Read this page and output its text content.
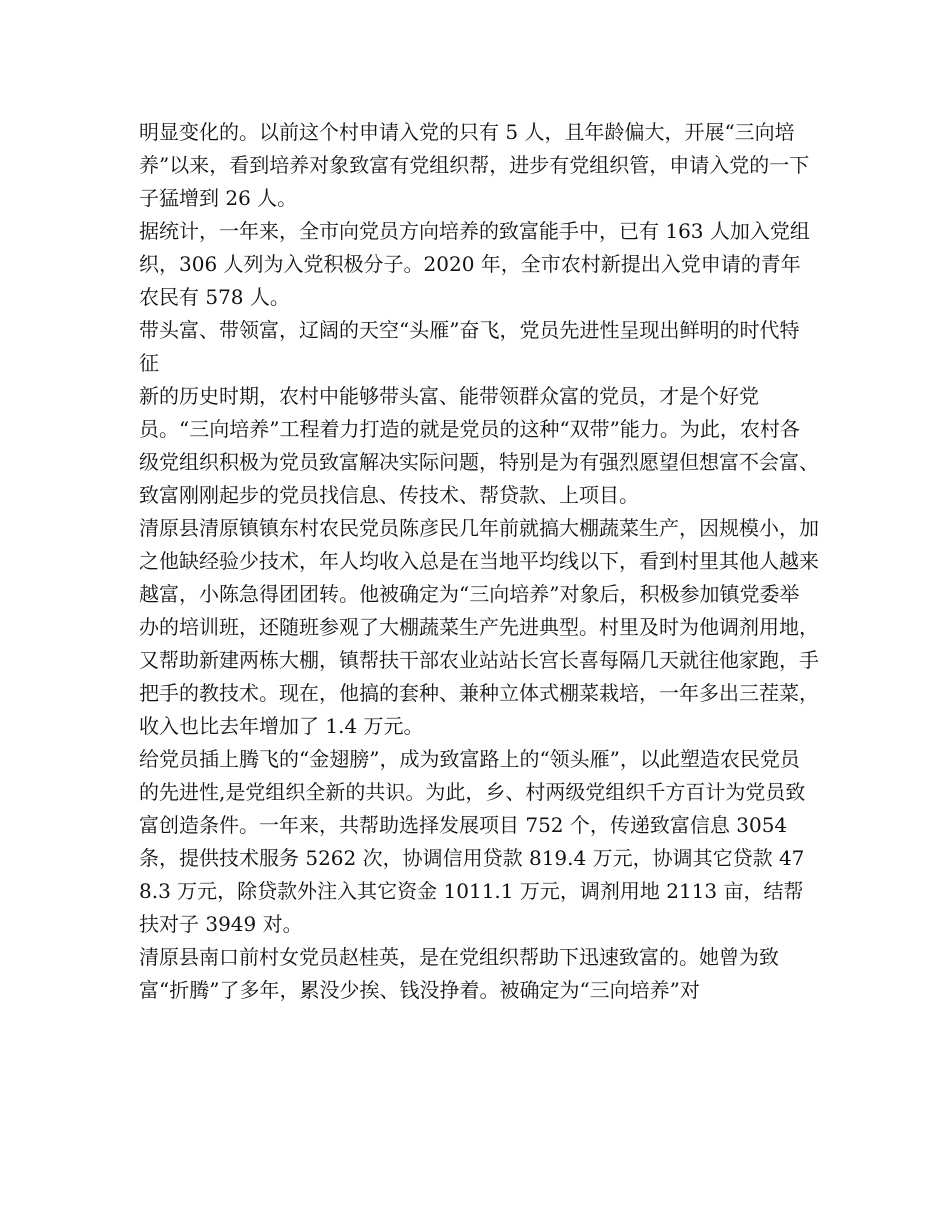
明显变化的。以前这个村申请入党的只有 5 人，且年龄偏大，开展“三向培养”以来，看到培养对象致富有党组织帮，进步有党组织管，申请入党的一下子猛增到 26 人。

据统计，一年来，全市向党员方向培养的致富能手中，已有 163 人加入党组织，306 人列为入党积极分子。2020 年，全市农村新提出入党申请的青年农民有 578 人。

带头富、带领富，辽阔的天空“头雁”奋飞，党员先进性呈现出鲜明的时代特征

新的历史时期，农村中能够带头富、能带领群众富的党员，才是个好党员。“三向培养”工程着力打造的就是党员的这种“双带”能力。为此，农村各级党组织积极为党员致富解决实际问题，特别是为有强烈愿望但想富不会富、致富刚刚起步的党员找信息、传技术、帮贷款、上项目。

清原县清原镇镇东村农民党员陈彦民几年前就搞大棚蔬菜生产，因规模小，加之他缺经验少技术，年人均收入总是在当地平均线以下，看到村里其他人越来越富，小陈急得团团转。他被确定为“三向培养”对象后，积极参加镇党委举办的培训班，还随班参观了大棚蔬菜生产先进典型。村里及时为他调剂用地，又帮助新建两栋大棚，镇帮扶干部农业站站长宫长喜每隔几天就往他家跑，手把手的教技术。现在，他搞的套种、兼种立体式棚菜栽培，一年多出三茬菜，收入也比去年增加了 1.4 万元。

给党员插上腾飞的“金翅膀”，成为致富路上的“领头雁”，以此塑造农民党员的先进性,是党组织全新的共识。为此，乡、村两级党组织千方百计为党员致富创造条件。一年来，共帮助选择发展项目 752 个，传递致富信息 3054 条，提供技术服务 5262 次，协调信用贷款 819.4 万元，协调其它贷款 478.3 万元，除贷款外注入其它资金 1011.1 万元，调剂用地 2113 亩，结帮扶对子 3949 对。

清原县南口前村女党员赵桂英，是在党组织帮助下迅速致富的。她曾为致富“折腾”了多年，累没少挨、钱没挣着。被确定为“三向培养”对
